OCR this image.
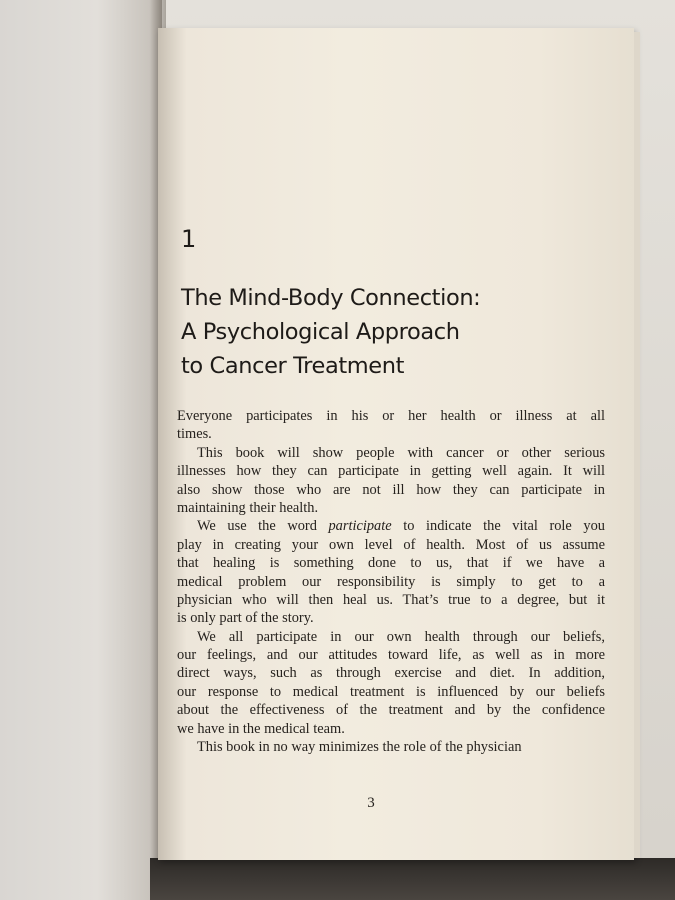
1

The Mind-Body Connection:
A Psychological Approach
to Cancer Treatment
Everyone participates in his or her health or illness at all
times.
This book will show people with cancer or other serious
illnesses how they can participate in getting well again. It will
also show those who are not ill how they can participate in
maintaining their health.
We use the word participate to indicate the vital role you
play in creating your own level of health. Most of us assume
that healing is something done to us, that if we have a
medical problem our responsibility is simply to get to a
physician who will then heal us. That’s true to a degree, but it
is only part of the story.
We all participate in our own health through our beliefs,
our feelings, and our attitudes toward life, as well as in more
direct ways, such as through exercise and diet. In addition,
our response to medical treatment is influenced by our beliefs
about the effectiveness of the treatment and by the confidence
we have in the medical team.
This book in no way minimizes the role of the physician
3
